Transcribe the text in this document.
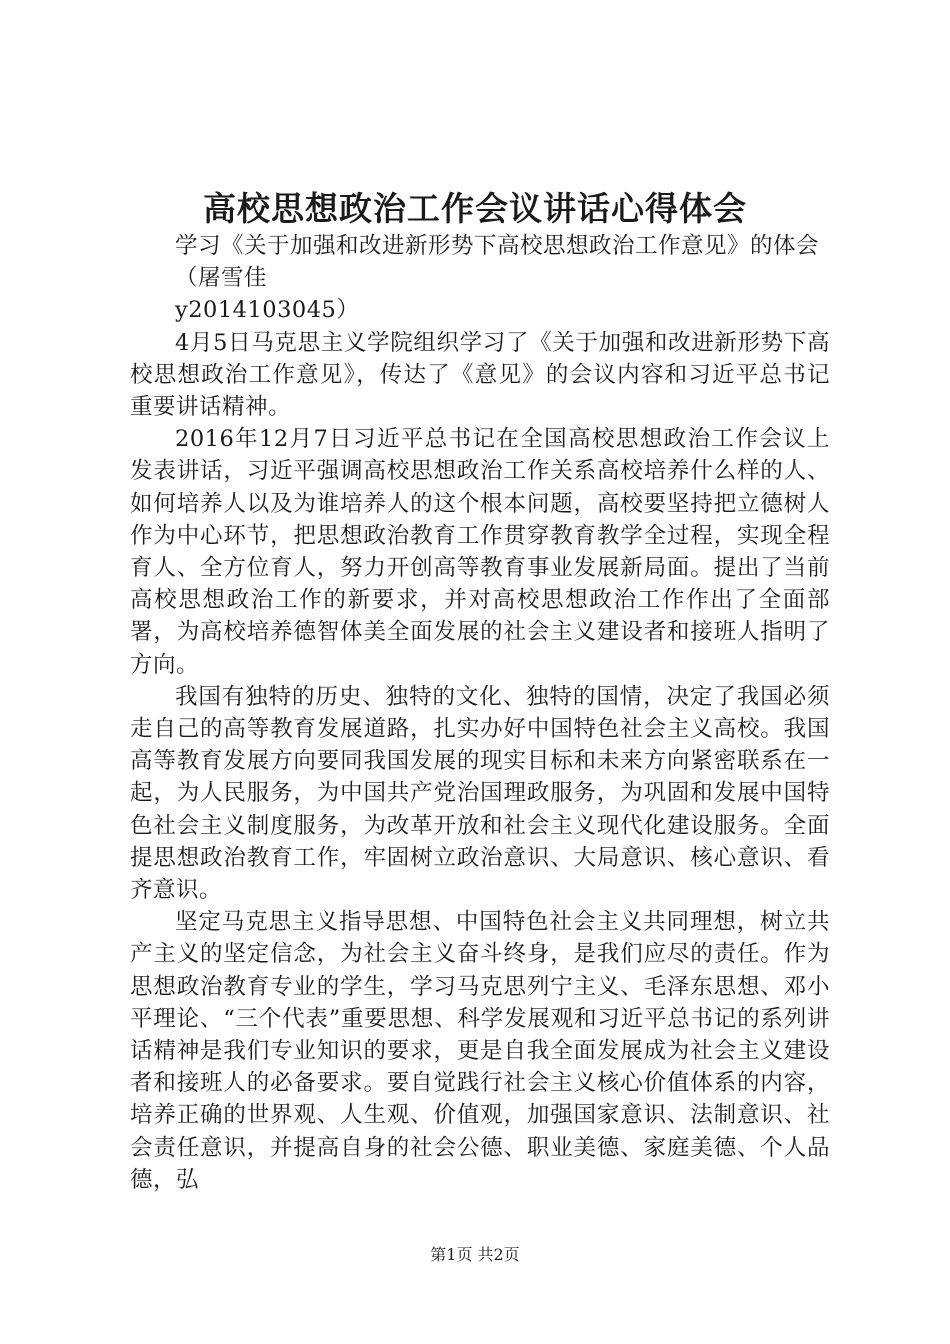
高校思想政治工作会议讲话心得体会

学习《关于加强和改进新形势下高校思想政治工作意见》的体会

（屠雪佳

y2014103045）

4月5日马克思主义学院组织学习了《关于加强和改进新形势下高校思想政治工作意见》，传达了《意见》的会议内容和习近平总书记重要讲话精神。

2016年12月7日习近平总书记在全国高校思想政治工作会议上发表讲话，习近平强调高校思想政治工作关系高校培养什么样的人、如何培养人以及为谁培养人的这个根本问题，高校要坚持把立德树人作为中心环节，把思想政治教育工作贯穿教育教学全过程，实现全程育人、全方位育人，努力开创高等教育事业发展新局面。提出了当前高校思想政治工作的新要求，并对高校思想政治工作作出了全面部署，为高校培养德智体美全面发展的社会主义建设者和接班人指明了方向。

我国有独特的历史、独特的文化、独特的国情，决定了我国必须走自己的高等教育发展道路，扎实办好中国特色社会主义高校。我国高等教育发展方向要同我国发展的现实目标和未来方向紧密联系在一起，为人民服务，为中国共产党治国理政服务，为巩固和发展中国特色社会主义制度服务，为改革开放和社会主义现代化建设服务。全面提思想政治教育工作，牢固树立政治意识、大局意识、核心意识、看齐意识。

坚定马克思主义指导思想、中国特色社会主义共同理想，树立共产主义的坚定信念，为社会主义奋斗终身，是我们应尽的责任。作为思想政治教育专业的学生，学习马克思列宁主义、毛泽东思想、邓小平理论、“三个代表”重要思想、科学发展观和习近平总书记的系列讲话精神是我们专业知识的要求，更是自我全面发展成为社会主义建设者和接班人的必备要求。要自觉践行社会主义核心价值体系的内容，培养正确的世界观、人生观、价值观，加强国家意识、法制意识、社会责任意识，并提高自身的社会公德、职业美德、家庭美德、个人品德，弘

第1页 共2页
